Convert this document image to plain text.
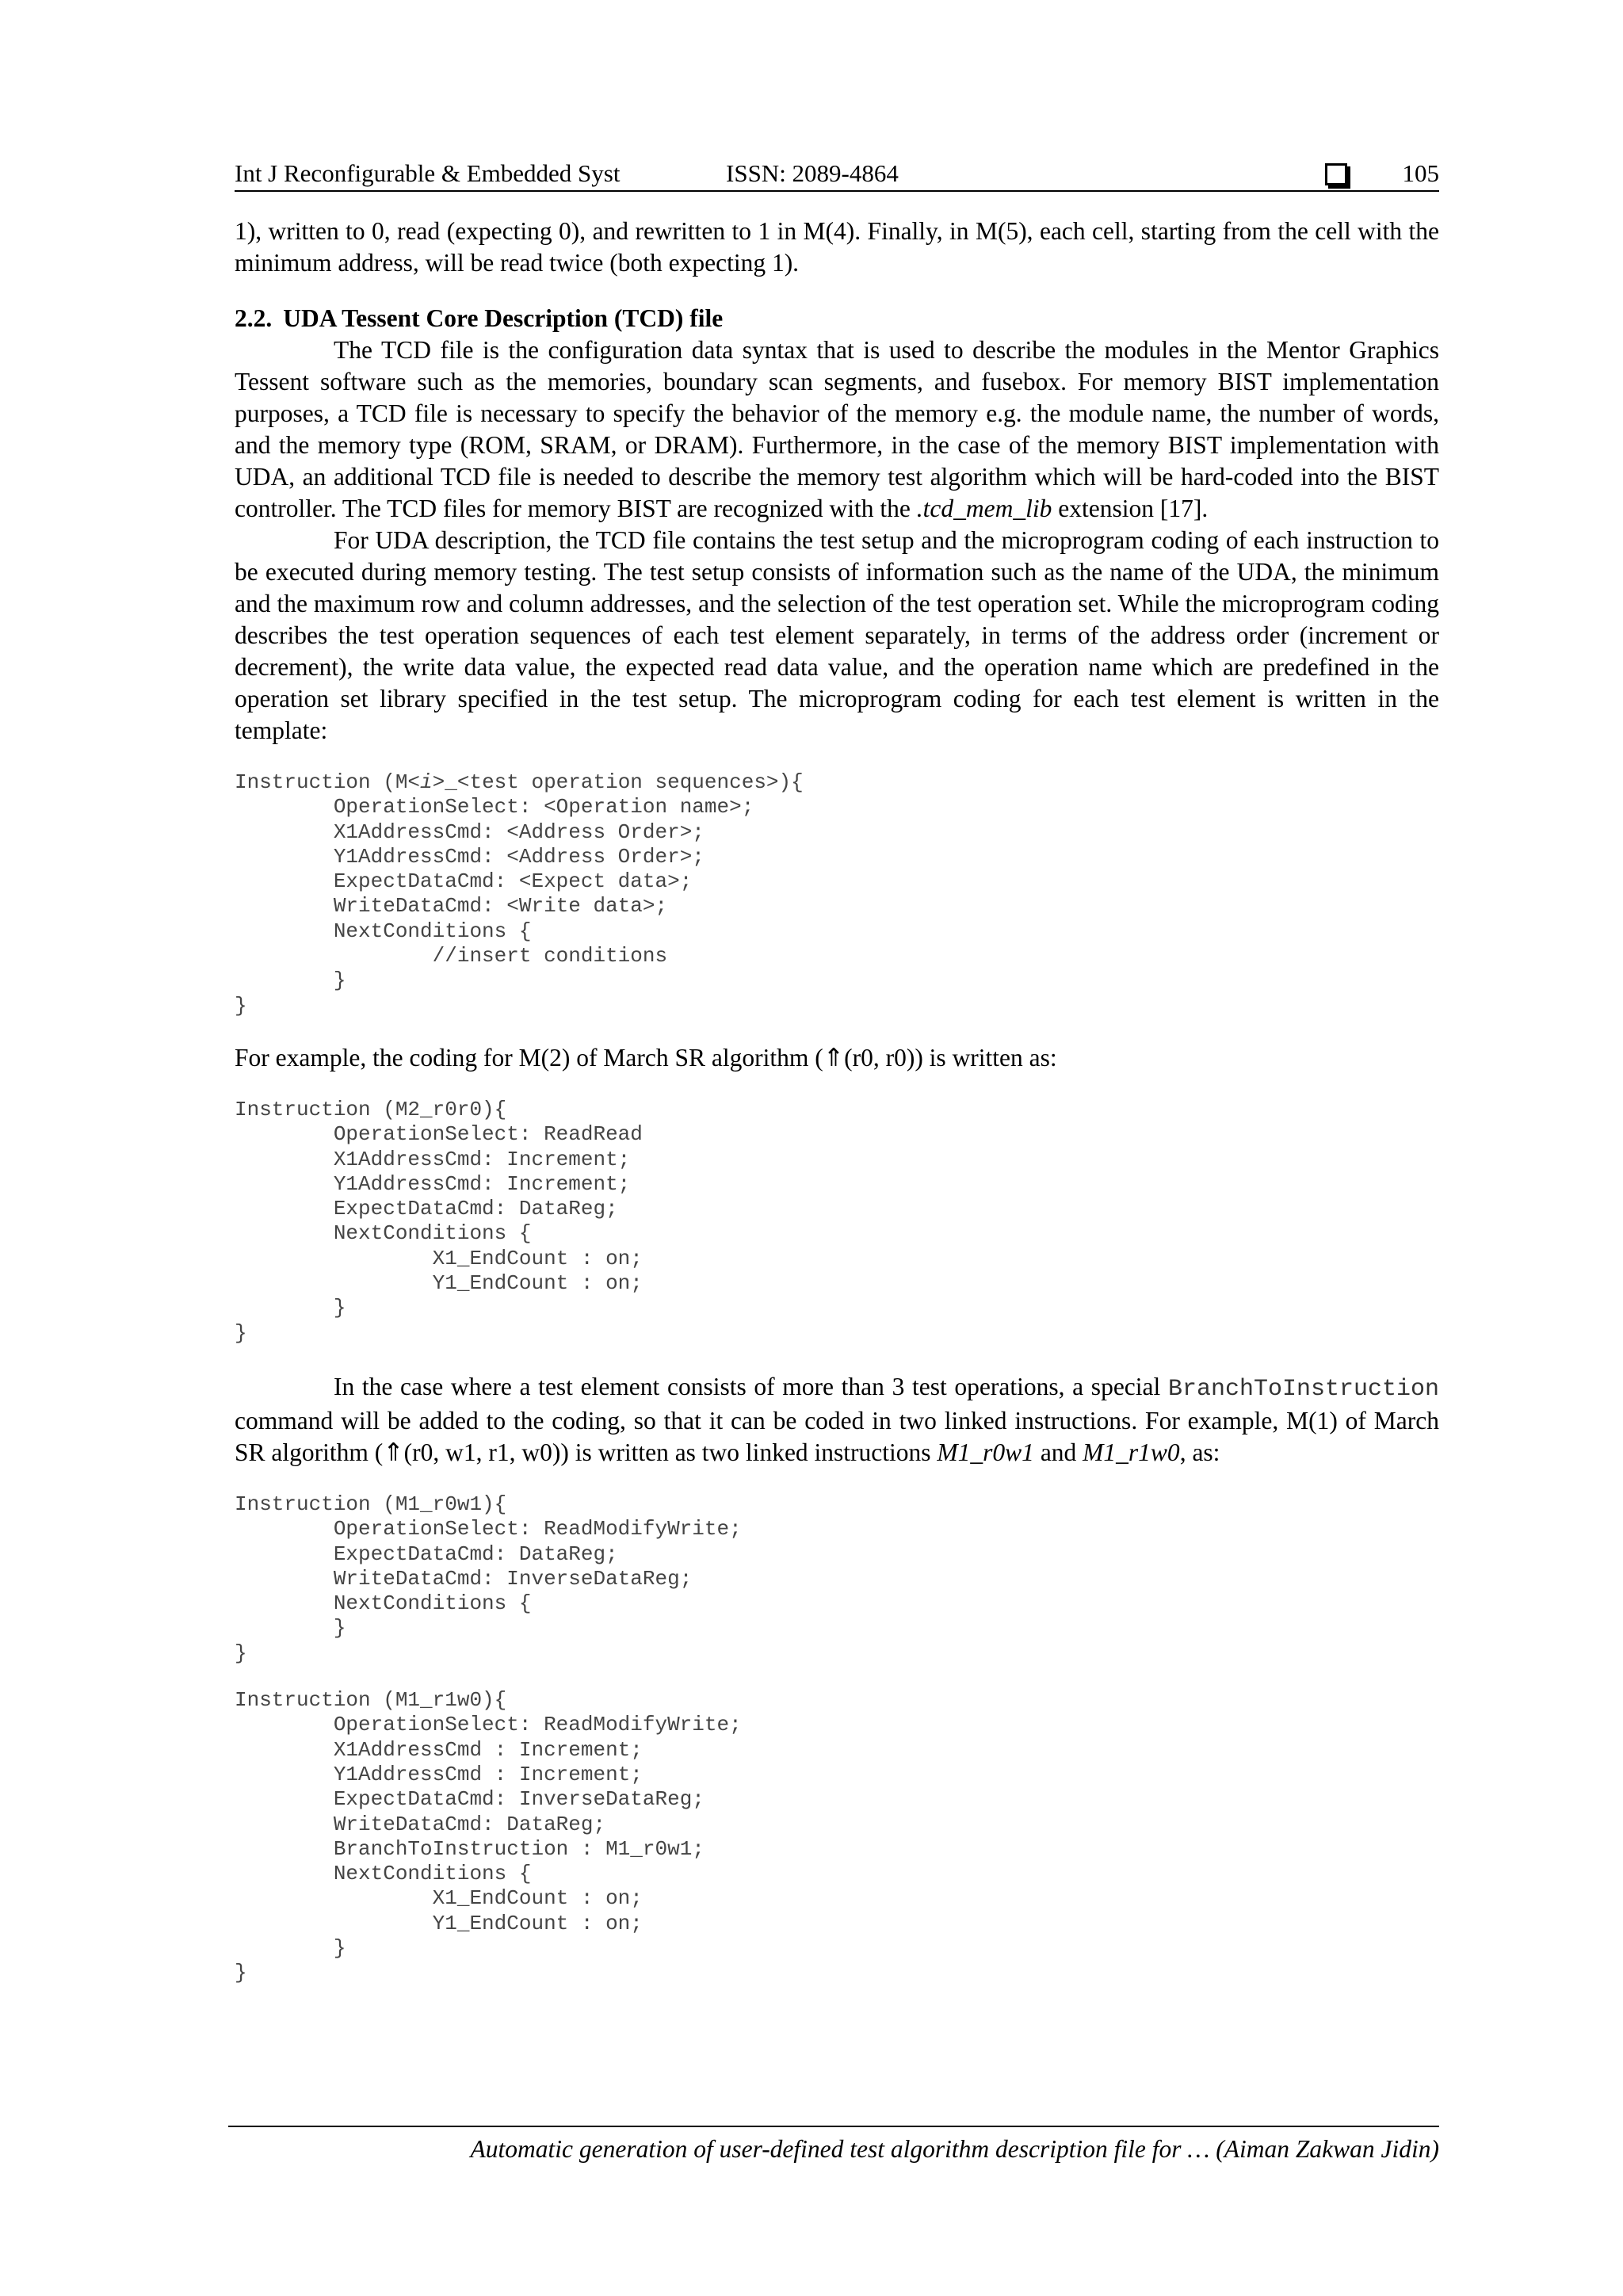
Int J Reconfigurable & Embedded Syst	ISSN: 2089-4864	105

1), written to 0, read (expecting 0), and rewritten to 1 in M(4). Finally, in M(5), each cell, starting from the cell with the minimum address, will be read twice (both expecting 1).

2.2. UDA Tessent Core Description (TCD) file

The TCD file is the configuration data syntax that is used to describe the modules in the Mentor Graphics Tessent software such as the memories, boundary scan segments, and fusebox. For memory BIST implementation purposes, a TCD file is necessary to specify the behavior of the memory e.g. the module name, the number of words, and the memory type (ROM, SRAM, or DRAM). Furthermore, in the case of the memory BIST implementation with UDA, an additional TCD file is needed to describe the memory test algorithm which will be hard-coded into the BIST controller. The TCD files for memory BIST are recognized with the .tcd_mem_lib extension [17].

For UDA description, the TCD file contains the test setup and the microprogram coding of each instruction to be executed during memory testing. The test setup consists of information such as the name of the UDA, the minimum and the maximum row and column addresses, and the selection of the test operation set. While the microprogram coding describes the test operation sequences of each test element separately, in terms of the address order (increment or decrement), the write data value, the expected read data value, and the operation name which are predefined in the operation set library specified in the test setup. The microprogram coding for each test element is written in the template:

Instruction (M<i>_<test operation sequences>){
OperationSelect: <Operation name>;
X1AddressCmd: <Address Order>;
Y1AddressCmd: <Address Order>;
ExpectDataCmd: <Expect data>;
WriteDataCmd: <Write data>;
NextConditions {
//insert conditions
}
}

For example, the coding for M(2) of March SR algorithm (⇑(r0, r0)) is written as:

Instruction (M2_r0r0){
OperationSelect: ReadRead
X1AddressCmd: Increment;
Y1AddressCmd: Increment;
ExpectDataCmd: DataReg;
NextConditions {
X1_EndCount : on;
Y1_EndCount : on;
}
}

In the case where a test element consists of more than 3 test operations, a special BranchToInstruction command will be added to the coding, so that it can be coded in two linked instructions. For example, M(1) of March SR algorithm (⇑(r0, w1, r1, w0)) is written as two linked instructions M1_r0w1 and M1_r1w0, as:

Instruction (M1_r0w1){
OperationSelect: ReadModifyWrite;
ExpectDataCmd: DataReg;
WriteDataCmd: InverseDataReg;
NextConditions {
}
}
Instruction (M1_r1w0){
OperationSelect: ReadModifyWrite;
X1AddressCmd : Increment;
Y1AddressCmd : Increment;
ExpectDataCmd: InverseDataReg;
WriteDataCmd: DataReg;
BranchToInstruction : M1_r0w1;
NextConditions {
X1_EndCount : on;
Y1_EndCount : on;
}
}
Automatic generation of user-defined test algorithm description file for … (Aiman Zakwan Jidin)
